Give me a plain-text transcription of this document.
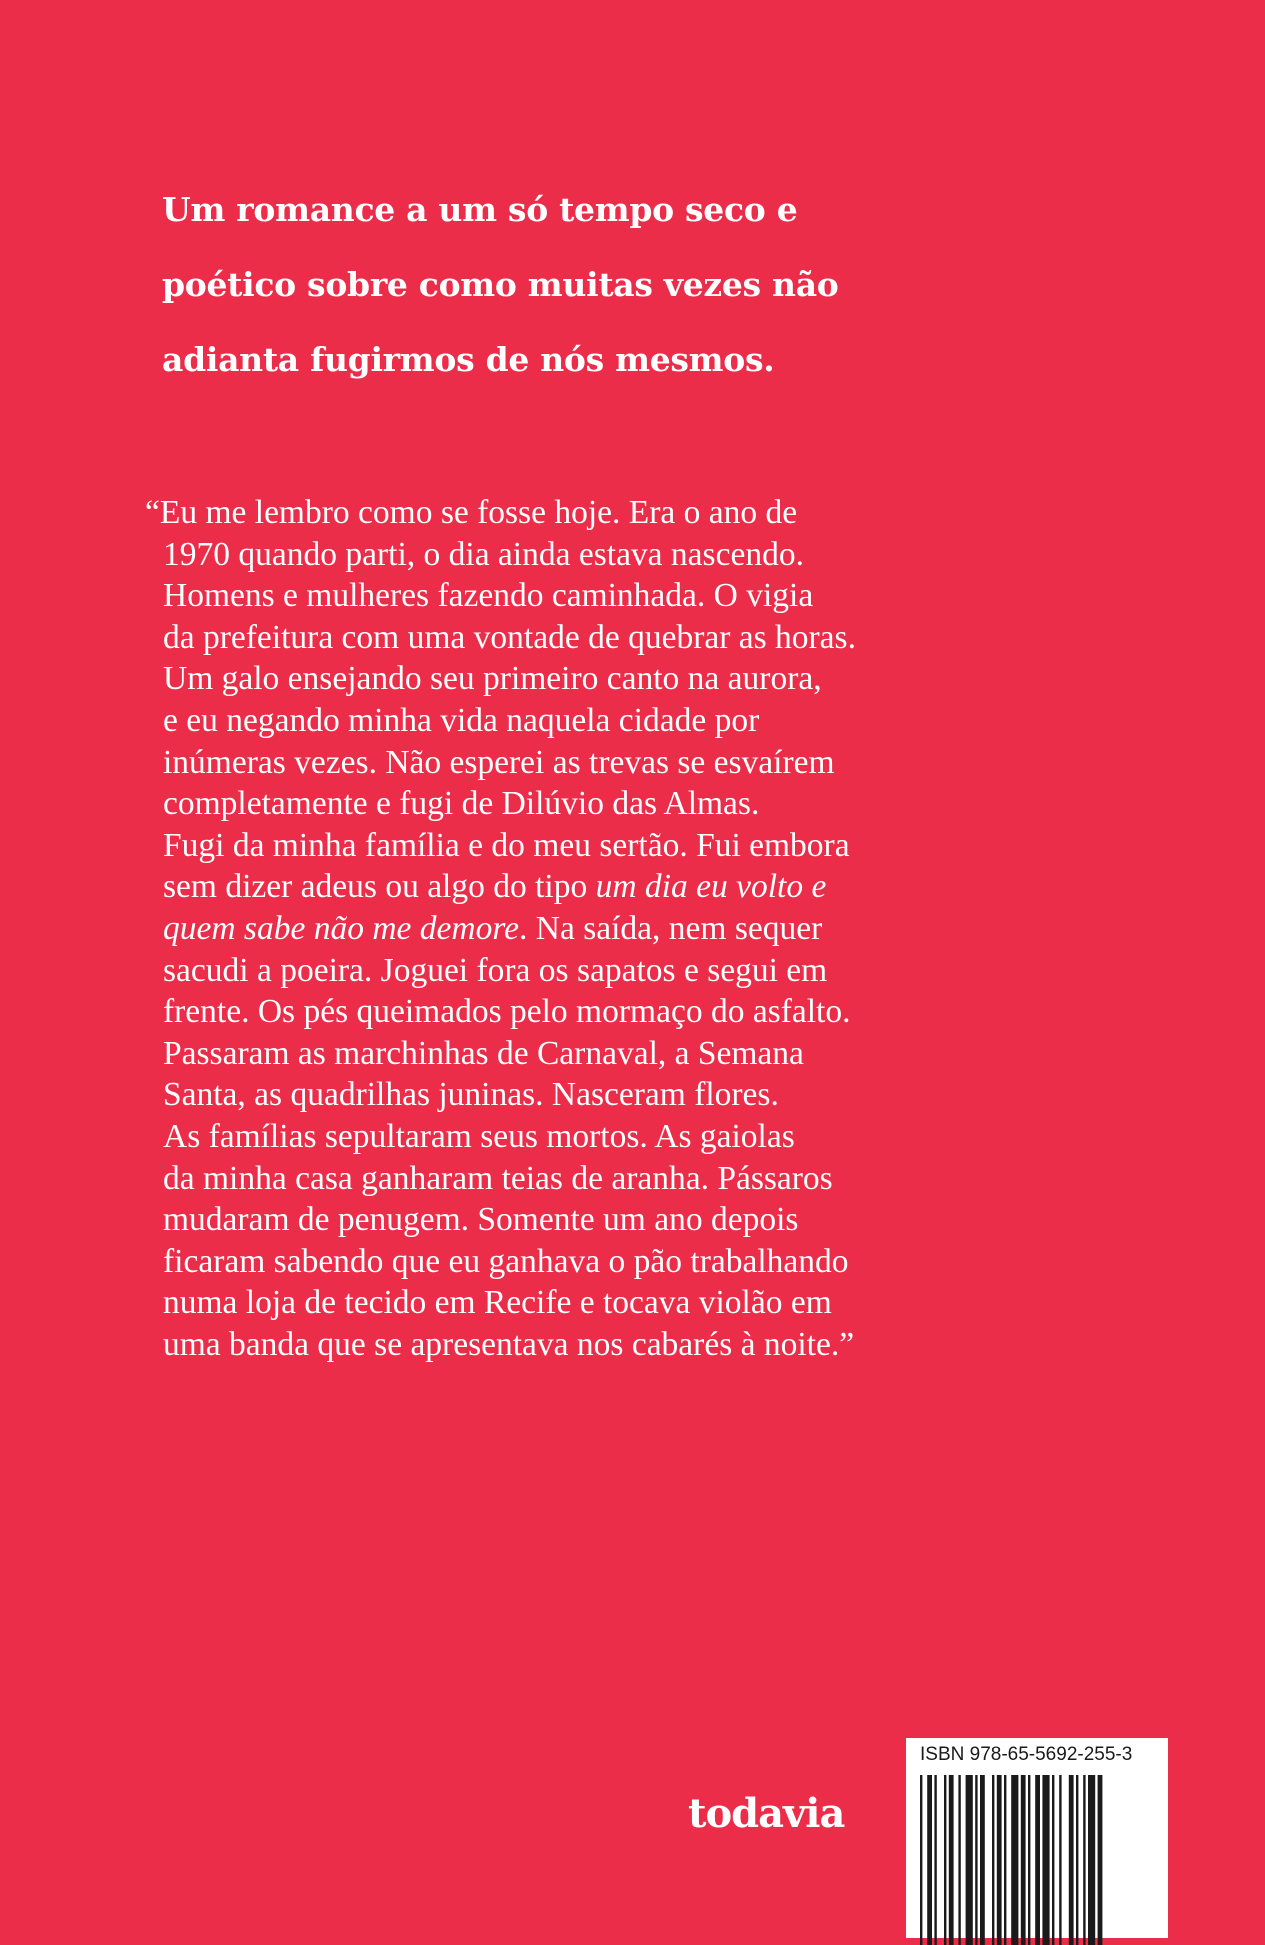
Um romance a um só tempo seco e
poético sobre como muitas vezes não
adianta fugirmos de nós mesmos.
“Eu me lembro como se fosse hoje. Era o ano de
1970 quando parti, o dia ainda estava nascendo.
Homens e mulheres fazendo caminhada. O vigia
da prefeitura com uma vontade de quebrar as horas.
Um galo ensejando seu primeiro canto na aurora,
e eu negando minha vida naquela cidade por
inúmeras vezes. Não esperei as trevas se esvaírem
completamente e fugi de Dilúvio das Almas.
Fugi da minha família e do meu sertão. Fui embora
sem dizer adeus ou algo do tipo um dia eu volto e
quem sabe não me demore. Na saída, nem sequer
sacudi a poeira. Joguei fora os sapatos e segui em
frente. Os pés queimados pelo mormaço do asfalto.
Passaram as marchinhas de Carnaval, a Semana
Santa, as quadrilhas juninas. Nasceram flores.
As famílias sepultaram seus mortos. As gaiolas
da minha casa ganharam teias de aranha. Pássaros
mudaram de penugem. Somente um ano depois
ficaram sabendo que eu ganhava o pão trabalhando
numa loja de tecido em Recife e tocava violão em
uma banda que se apresentava nos cabarés à noite.”
todavia
ISBN 978-65-5692-255-3
